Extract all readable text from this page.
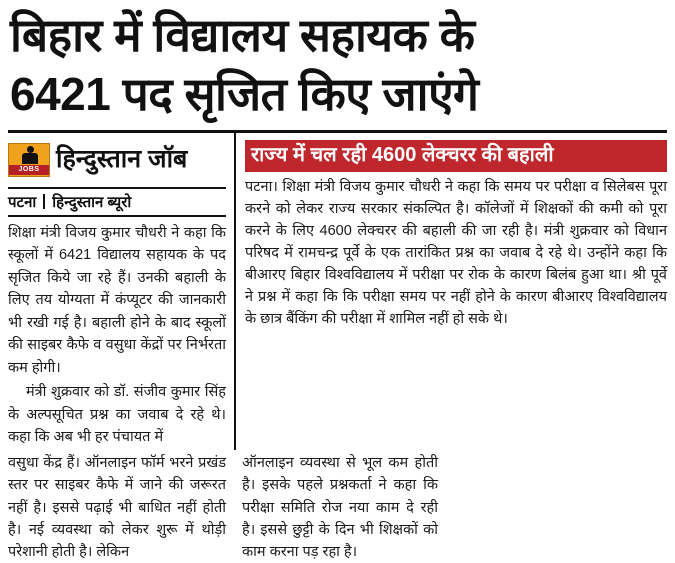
बिहार में विद्यालय सहायक के
6421 पद सृजित किए जाएंगे
JOBS हिन्दुस्तान जॉब
पटना हिन्दुस्तान ब्यूरो

शिक्षा मंत्री विजय कुमार चौधरी ने कहा कि स्कूलों में 6421 विद्यालय सहायक के पद सृजित किये जा रहे हैं। उनकी बहाली के लिए तय योग्यता में कंप्यूटर की जानकारी भी रखी गई है। बहाली होने के बाद स्कूलों की साइबर कैफे व वसुधा केंद्रों पर निर्भरता कम होगी।

मंत्री शुक्रवार को डॉ. संजीव कुमार सिंह के अल्पसूचित प्रश्न का जवाब दे रहे थे। कहा कि अब भी हर पंचायत में

राज्य में चल रही 4600 लेक्चरर की बहाली

पटना। शिक्षा मंत्री विजय कुमार चौधरी ने कहा कि समय पर परीक्षा व सिलेबस पूरा करने को लेकर राज्य सरकार संकल्पित है। कॉलेजों में शिक्षकों की कमी को पूरा करने के लिए 4600 लेक्चरर की बहाली की जा रही है। मंत्री शुक्रवार को विधान परिषद में रामचन्द्र पूर्वे के एक तारांकित प्रश्न का जवाब दे रहे थे। उन्होंने कहा कि बीआरए बिहार विश्वविद्यालय में परीक्षा पर रोक के कारण बिलंब हुआ था। श्री पूर्वे ने प्रश्न में कहा कि कि परीक्षा समय पर नहीं होने के कारण बीआरए विश्वविद्यालय के छात्र बैंकिंग की परीक्षा में शामिल नहीं हो सके थे।

वसुधा केंद्र हैं। ऑनलाइन फॉर्म भरने प्रखंड स्तर पर साइबर कैफे में जाने की जरूरत नहीं है। इससे पढ़ाई भी बाधित नहीं होती है। नई व्यवस्था को लेकर शुरू में थोड़ी परेशानी होती है। लेकिन

ऑनलाइन व्यवस्था से भूल कम होती है। इसके पहले प्रश्नकर्ता ने कहा कि परीक्षा समिति रोज नया काम दे रही है। इससे छुट्टी के दिन भी शिक्षकों को काम करना पड़ रहा है।
